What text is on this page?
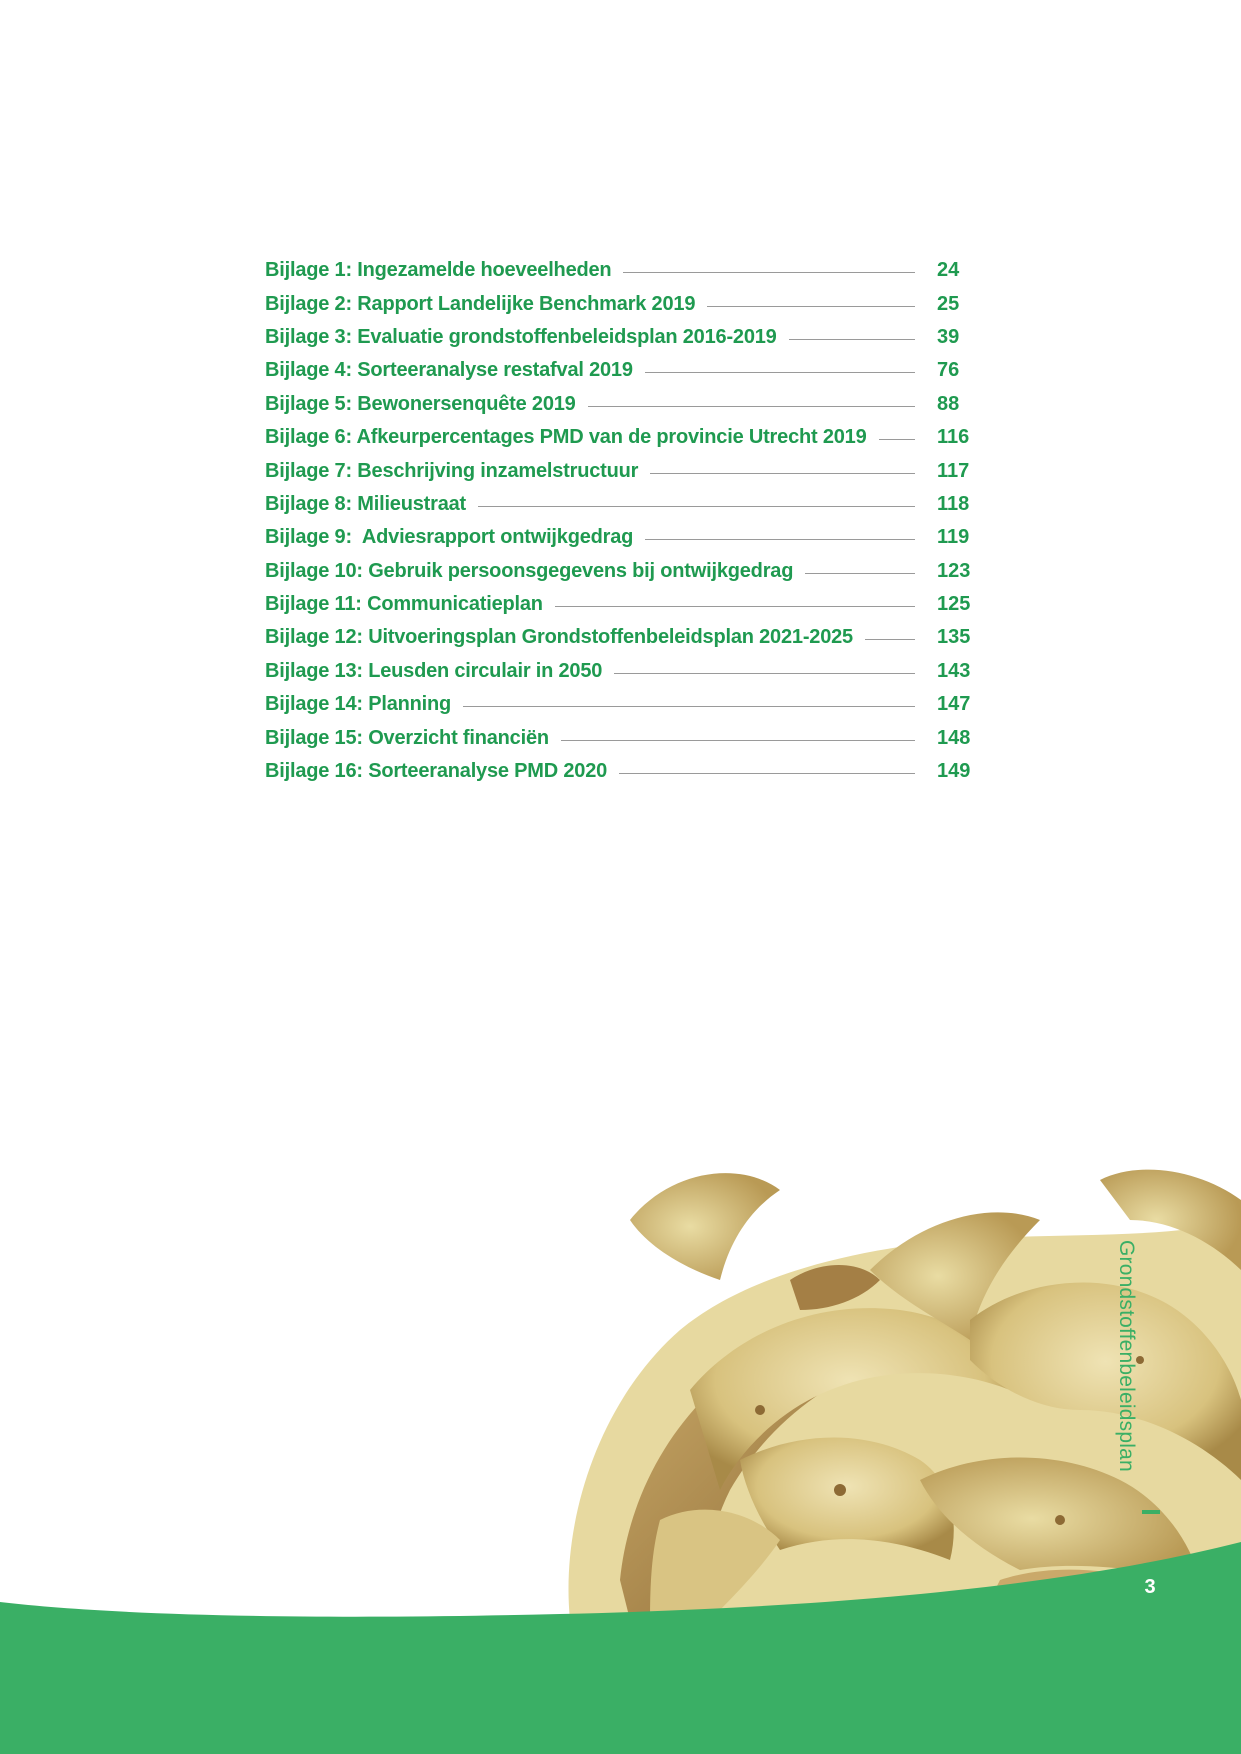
Bijlage 1: Ingezamelde hoeveelheden	24
Bijlage 2: Rapport Landelijke Benchmark 2019	25
Bijlage 3: Evaluatie grondstoffenbeleidsplan 2016-2019	39
Bijlage 4: Sorteeranalyse restafval 2019	76
Bijlage 5: Bewonersenquête 2019	88
Bijlage 6: Afkeurpercentages PMD van de provincie Utrecht 2019	116
Bijlage 7: Beschrijving inzamelstructuur	117
Bijlage 8: Milieustraat	118
Bijlage 9:  Adviesrapport ontwijkgedrag	119
Bijlage 10: Gebruik persoonsgegevens bij ontwijkgedrag	123
Bijlage 11: Communicatieplan	125
Bijlage 12: Uitvoeringsplan Grondstoffenbeleidsplan 2021-2025	135
Bijlage 13: Leusden circulair in 2050	143
Bijlage 14: Planning	147
Bijlage 15: Overzicht financiën	148
Bijlage 16: Sorteeranalyse PMD 2020	149
Grondstoffenbeleidsplan
3
